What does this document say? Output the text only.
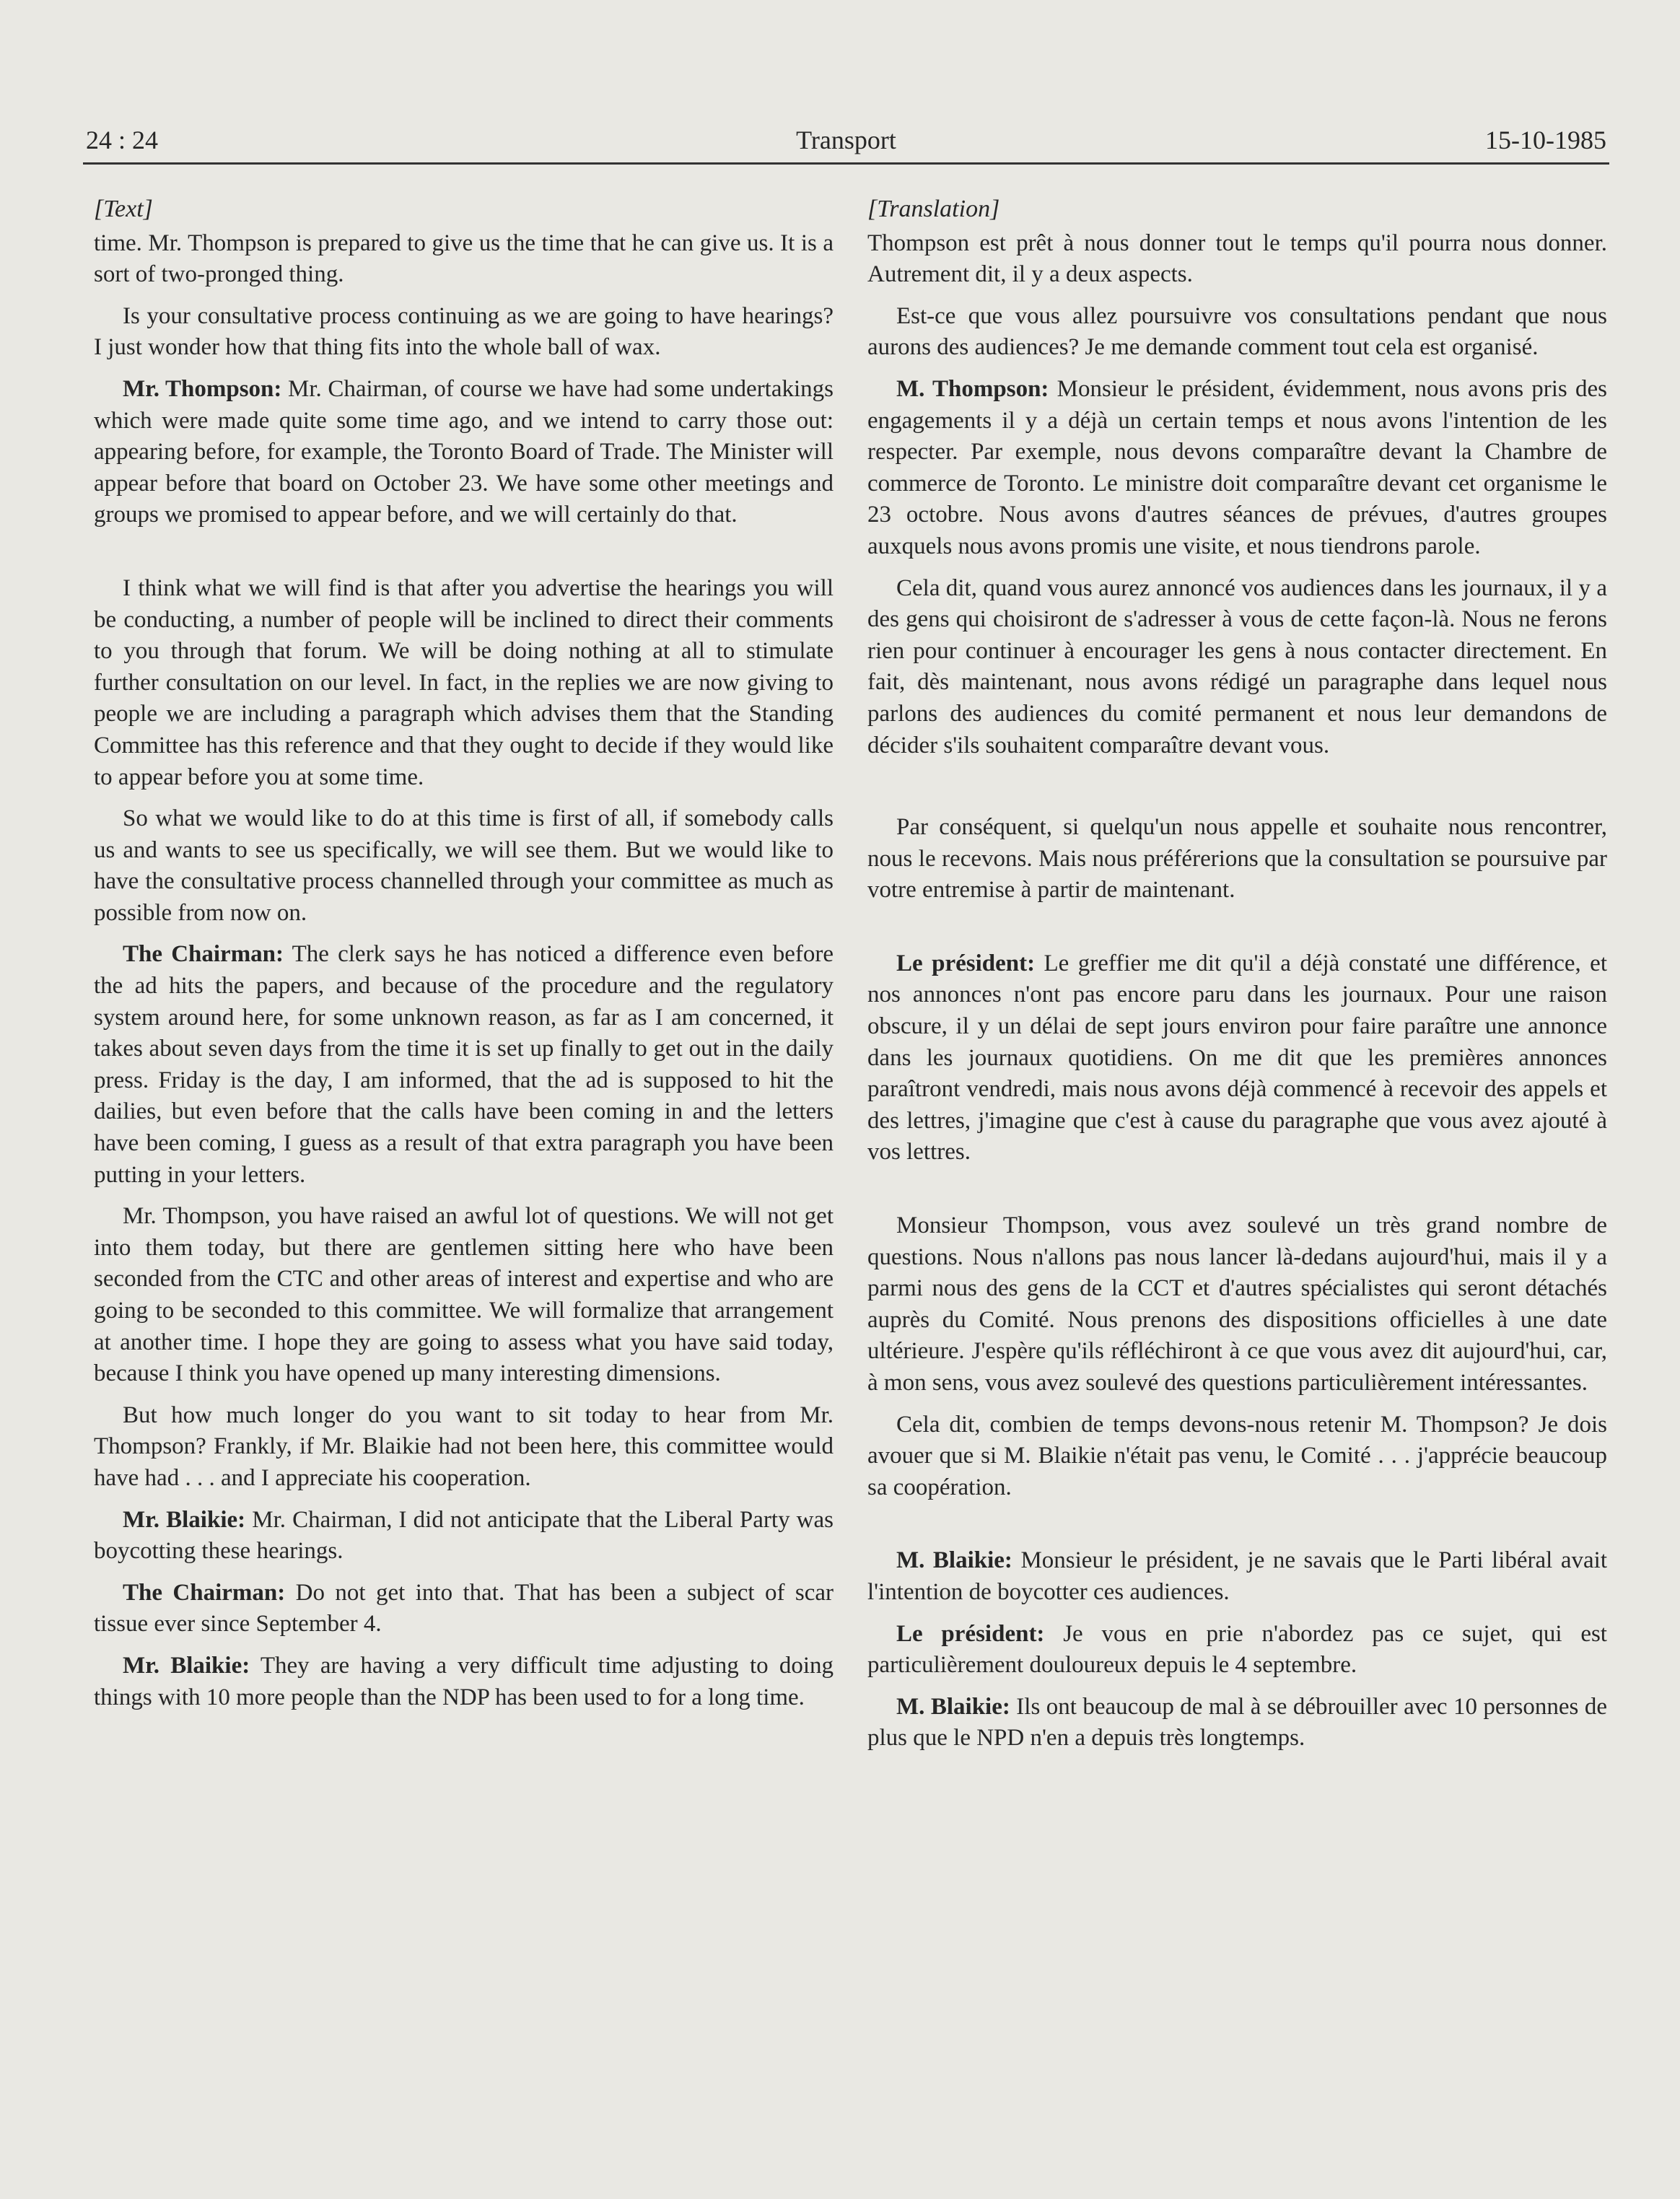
24 : 24	Transport	15-10-1985
[Text]

time. Mr. Thompson is prepared to give us the time that he can give us. It is a sort of two-pronged thing.

Is your consultative process continuing as we are going to have hearings? I just wonder how that thing fits into the whole ball of wax.

Mr. Thompson: Mr. Chairman, of course we have had some undertakings which were made quite some time ago, and we intend to carry those out: appearing before, for example, the Toronto Board of Trade. The Minister will appear before that board on October 23. We have some other meetings and groups we promised to appear before, and we will certainly do that.

I think what we will find is that after you advertise the hearings you will be conducting, a number of people will be inclined to direct their comments to you through that forum. We will be doing nothing at all to stimulate further consultation on our level. In fact, in the replies we are now giving to people we are including a paragraph which advises them that the Standing Committee has this reference and that they ought to decide if they would like to appear before you at some time.

So what we would like to do at this time is first of all, if somebody calls us and wants to see us specifically, we will see them. But we would like to have the consultative process channelled through your committee as much as possible from now on.

The Chairman: The clerk says he has noticed a difference even before the ad hits the papers, and because of the procedure and the regulatory system around here, for some unknown reason, as far as I am concerned, it takes about seven days from the time it is set up finally to get out in the daily press. Friday is the day, I am informed, that the ad is supposed to hit the dailies, but even before that the calls have been coming in and the letters have been coming, I guess as a result of that extra paragraph you have been putting in your letters.

Mr. Thompson, you have raised an awful lot of questions. We will not get into them today, but there are gentlemen sitting here who have been seconded from the CTC and other areas of interest and expertise and who are going to be seconded to this committee. We will formalize that arrangement at another time. I hope they are going to assess what you have said today, because I think you have opened up many interesting dimensions.

But how much longer do you want to sit today to hear from Mr. Thompson? Frankly, if Mr. Blaikie had not been here, this committee would have had . . . and I appreciate his cooperation.

Mr. Blaikie: Mr. Chairman, I did not anticipate that the Liberal Party was boycotting these hearings.

The Chairman: Do not get into that. That has been a subject of scar tissue ever since September 4.

Mr. Blaikie: They are having a very difficult time adjusting to doing things with 10 more people than the NDP has been used to for a long time.

[Translation]

Thompson est prêt à nous donner tout le temps qu'il pourra nous donner. Autrement dit, il y a deux aspects.

Est-ce que vous allez poursuivre vos consultations pendant que nous aurons des audiences? Je me demande comment tout cela est organisé.

M. Thompson: Monsieur le président, évidemment, nous avons pris des engagements il y a déjà un certain temps et nous avons l'intention de les respecter. Par exemple, nous devons comparaître devant la Chambre de commerce de Toronto. Le ministre doit comparaître devant cet organisme le 23 octobre. Nous avons d'autres séances de prévues, d'autres groupes auxquels nous avons promis une visite, et nous tiendrons parole.

Cela dit, quand vous aurez annoncé vos audiences dans les journaux, il y a des gens qui choisiront de s'adresser à vous de cette façon-là. Nous ne ferons rien pour continuer à encourager les gens à nous contacter directement. En fait, dès maintenant, nous avons rédigé un paragraphe dans lequel nous parlons des audiences du comité permanent et nous leur demandons de décider s'ils souhaitent comparaître devant vous.

Par conséquent, si quelqu'un nous appelle et souhaite nous rencontrer, nous le recevons. Mais nous préférerions que la consultation se poursuive par votre entremise à partir de maintenant.

Le président: Le greffier me dit qu'il a déjà constaté une différence, et nos annonces n'ont pas encore paru dans les journaux. Pour une raison obscure, il y un délai de sept jours environ pour faire paraître une annonce dans les journaux quotidiens. On me dit que les premières annonces paraîtront vendredi, mais nous avons déjà commencé à recevoir des appels et des lettres, j'imagine que c'est à cause du paragraphe que vous avez ajouté à vos lettres.

Monsieur Thompson, vous avez soulevé un très grand nombre de questions. Nous n'allons pas nous lancer là-dedans aujourd'hui, mais il y a parmi nous des gens de la CCT et d'autres spécialistes qui seront détachés auprès du Comité. Nous prenons des dispositions officielles à une date ultérieure. J'espère qu'ils réfléchiront à ce que vous avez dit aujourd'hui, car, à mon sens, vous avez soulevé des questions particulièrement intéressantes.

Cela dit, combien de temps devons-nous retenir M. Thompson? Je dois avouer que si M. Blaikie n'était pas venu, le Comité . . . j'apprécie beaucoup sa coopération.

M. Blaikie: Monsieur le président, je ne savais que le Parti libéral avait l'intention de boycotter ces audiences.

Le président: Je vous en prie n'abordez pas ce sujet, qui est particulièrement douloureux depuis le 4 septembre.

M. Blaikie: Ils ont beaucoup de mal à se débrouiller avec 10 personnes de plus que le NPD n'en a depuis très longtemps.
